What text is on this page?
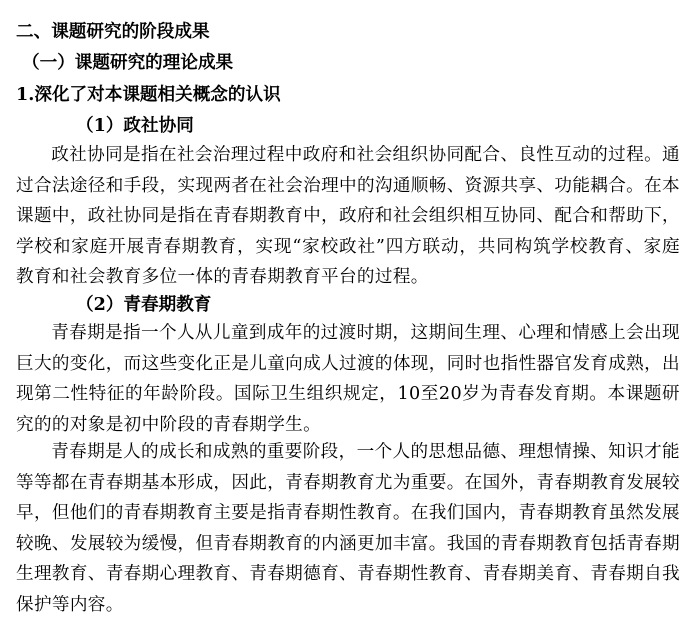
二、课题研究的阶段成果

（一）课题研究的理论成果

1.深化了对本课题相关概念的认识

（1）政社协同

政社协同是指在社会治理过程中政府和社会组织协同配合、良性互动的过程。通过合法途径和手段，实现两者在社会治理中的沟通顺畅、资源共享、功能耦合。在本课题中，政社协同是指在青春期教育中，政府和社会组织相互协同、配合和帮助下，学校和家庭开展青春期教育，实现“家校政社”四方联动，共同构筑学校教育、家庭教育和社会教育多位一体的青春期教育平台的过程。

（2）青春期教育

青春期是指一个人从儿童到成年的过渡时期，这期间生理、心理和情感上会出现巨大的变化，而这些变化正是儿童向成人过渡的体现，同时也指性器官发育成熟，出现第二性特征的年龄阶段。国际卫生组织规定，10至20岁为青春发育期。本课题研究的的对象是初中阶段的青春期学生。

青春期是人的成长和成熟的重要阶段，一个人的思想品德、理想情操、知识才能等等都在青春期基本形成，因此，青春期教育尤为重要。在国外，青春期教育发展较早，但他们的青春期教育主要是指青春期性教育。在我们国内，青春期教育虽然发展较晚、发展较为缓慢，但青春期教育的内涵更加丰富。我国的青春期教育包括青春期生理教育、青春期心理教育、青春期德育、青春期性教育、青春期美育、青春期自我保护等内容。
